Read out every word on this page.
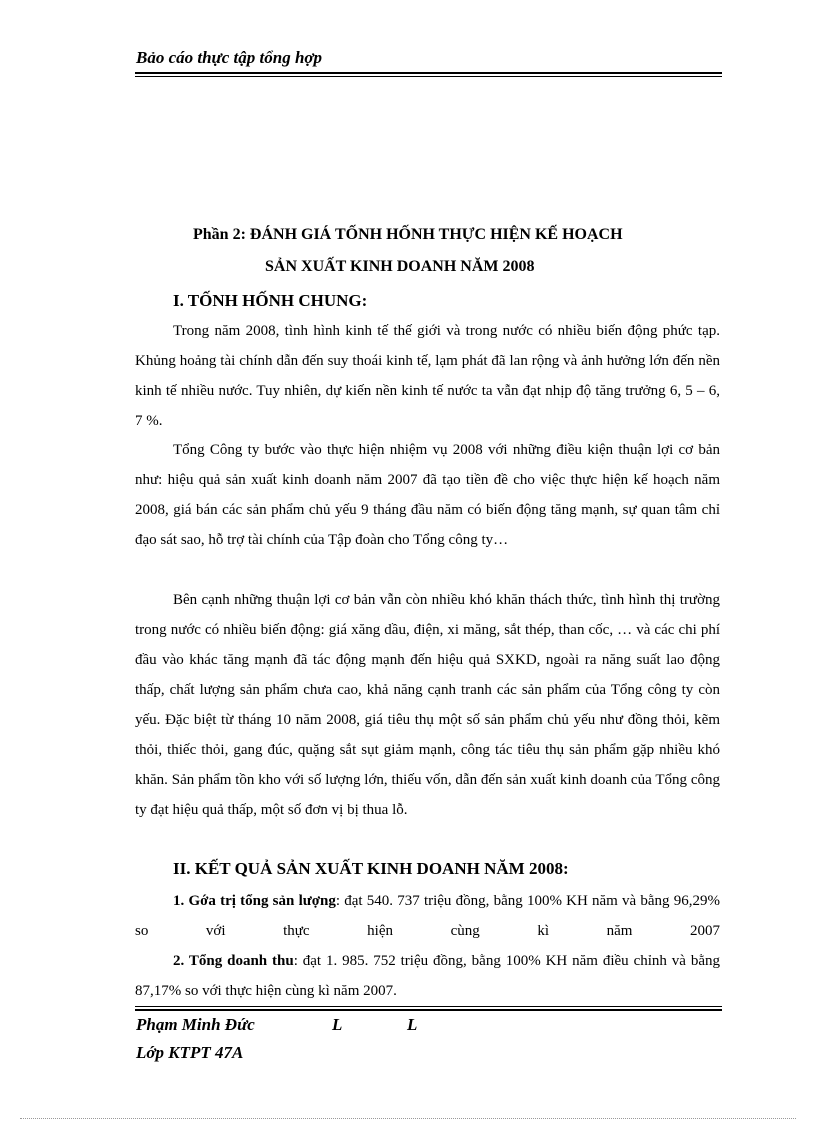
Bảo cáo thực tập tổng hợp
Phần 2: ĐÁNH GIÁ TỐNH HỐNH THỰC HIỆN KẾ HOẠCH
SẢN XUẤT KINH DOANH NĂM 2008
I. TỐNH HỐNH CHUNG:
Trong năm 2008, tình hình kinh tế thế giới và trong nước có nhiều biến động phức tạp. Khủng hoảng tài chính dẫn đến suy thoái kinh tế, lạm phát đã lan rộng và ảnh hưởng lớn đến nền kinh tế nhiều nước. Tuy nhiên, dự kiến nền kinh tế nước ta vẫn đạt nhịp độ tăng trưởng 6, 5 – 6, 7 %.
Tổng Công ty bước vào thực hiện nhiệm vụ 2008 với những điều kiện thuận lợi cơ bản như: hiệu quả sản xuất kinh doanh năm 2007 đã tạo tiền đề cho việc thực hiện kế hoạch năm 2008, giá bán các sản phẩm chủ yếu 9 tháng đầu năm có biến động tăng mạnh, sự quan tâm chỉ đạo sát sao, hỗ trợ tài chính của Tập đoàn cho Tổng công ty…
Bên cạnh những thuận lợi cơ bản vẫn còn nhiều khó khăn thách thức, tình hình thị trường trong nước có nhiều biến động: giá xăng dầu, điện, xi măng, sắt thép, than cốc, … và các chi phí đầu vào khác tăng mạnh đã tác động mạnh đến hiệu quả SXKD, ngoài ra năng suất lao động thấp, chất lượng sản phẩm chưa cao, khả năng cạnh tranh các sản phẩm của Tổng công ty còn yếu. Đặc biệt từ tháng 10 năm 2008, giá tiêu thụ một số sản phẩm chủ yếu như đồng thỏi, kẽm thỏi, thiếc thỏi, gang đúc, quặng sắt sụt giảm mạnh, công tác tiêu thụ sản phẩm gặp nhiều khó khăn. Sản phẩm tồn kho với số lượng lớn, thiếu vốn, dẫn đến sản xuất kinh doanh của Tổng công ty đạt hiệu quả thấp, một số đơn vị bị thua lỗ.
II. KẾT QUẢ SẢN XUẤT KINH DOANH NĂM 2008:
1. Gớa trị tổng sản lượng: đạt 540. 737 triệu đồng, bằng 100% KH năm và bằng 96,29% so với thực hiện cùng kì năm 2007
2. Tổng doanh thu: đạt 1. 985. 752 triệu đồng, bằng 100% KH năm điều chỉnh và bằng 87,17% so với thực hiện cùng kì năm 2007.
Phạm Minh Đức	L	L
Lớp KTPT 47A
